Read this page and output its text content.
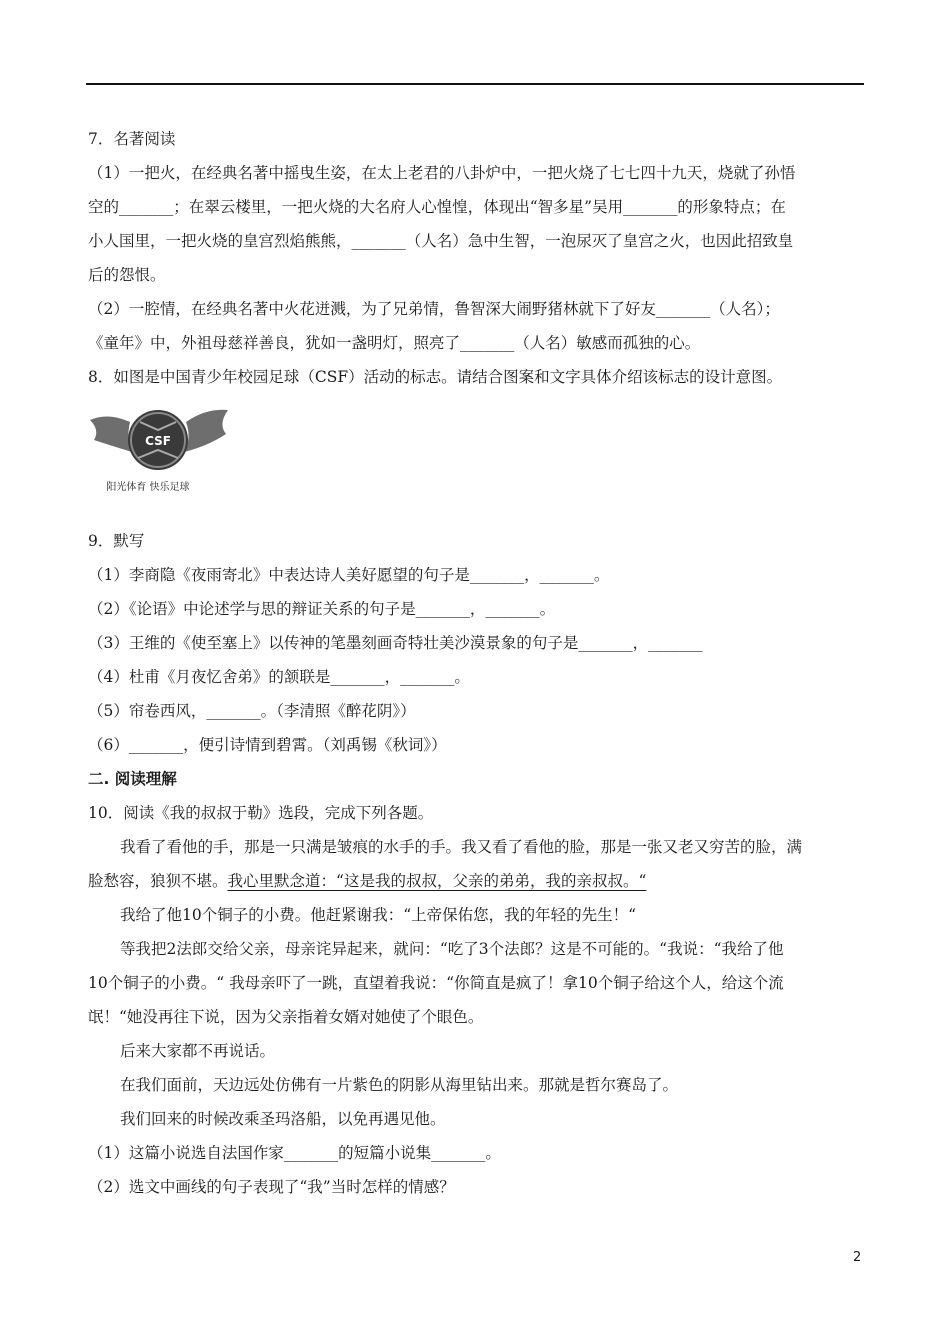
7．名著阅读
（1）一把火，在经典名著中摇曳生姿，在太上老君的八卦炉中，一把火烧了七七四十九天，烧就了孙悟
空的_______；在翠云楼里，一把火烧的大名府人心惶惶，体现出“智多星”吴用_______的形象特点；在
小人国里，一把火烧的皇宫烈焰熊熊，_______（人名）急中生智，一泡尿灭了皇宫之火，也因此招致皇
后的怨恨。
（2）一腔情，在经典名著中火花迸溅，为了兄弟情，鲁智深大闹野猪林就下了好友_______（人名）；
《童年》中，外祖母慈祥善良，犹如一盏明灯，照亮了_______（人名）敏感而孤独的心。
8．如图是中国青少年校园足球（CSF）活动的标志。请结合图案和文字具体介绍该标志的设计意图。
CSF
阳光体育 快乐足球
9．默写
（1）李商隐《夜雨寄北》中表达诗人美好愿望的句子是_______，_______。
（2）《论语》中论述学与思的辩证关系的句子是_______，_______。
（3）王维的《使至塞上》以传神的笔墨刻画奇特壮美沙漠景象的句子是_______，_______
（4）杜甫《月夜忆舍弟》的颔联是_______，_______。
（5）帘卷西风，_______。（李清照《醉花阴》）
（6）_______，便引诗情到碧霄。（刘禹锡《秋词》）
二. 阅读理解
10．阅读《我的叔叔于勒》选段，完成下列各题。
我看了看他的手，那是一只满是皱痕的水手的手。我又看了看他的脸，那是一张又老又穷苦的脸，满
脸愁容，狼狈不堪。我心里默念道：“这是我的叔叔，父亲的弟弟，我的亲叔叔。“
我给了他10个铜子的小费。他赶紧谢我：“上帝保佑您，我的年轻的先生！“
等我把2法郎交给父亲，母亲诧异起来，就问：“吃了3个法郎？这是不可能的。“我说：“我给了他
10个铜子的小费。“ 我母亲吓了一跳，直望着我说：“你简直是疯了！拿10个铜子给这个人，给这个流
氓！“她没再往下说，因为父亲指着女婿对她使了个眼色。
后来大家都不再说话。
在我们面前，天边远处仿佛有一片紫色的阴影从海里钻出来。那就是哲尔赛岛了。
我们回来的时候改乘圣玛洛船，以免再遇见他。
（1）这篇小说选自法国作家_______的短篇小说集_______。
（2）选文中画线的句子表现了“我”当时怎样的情感？
2
